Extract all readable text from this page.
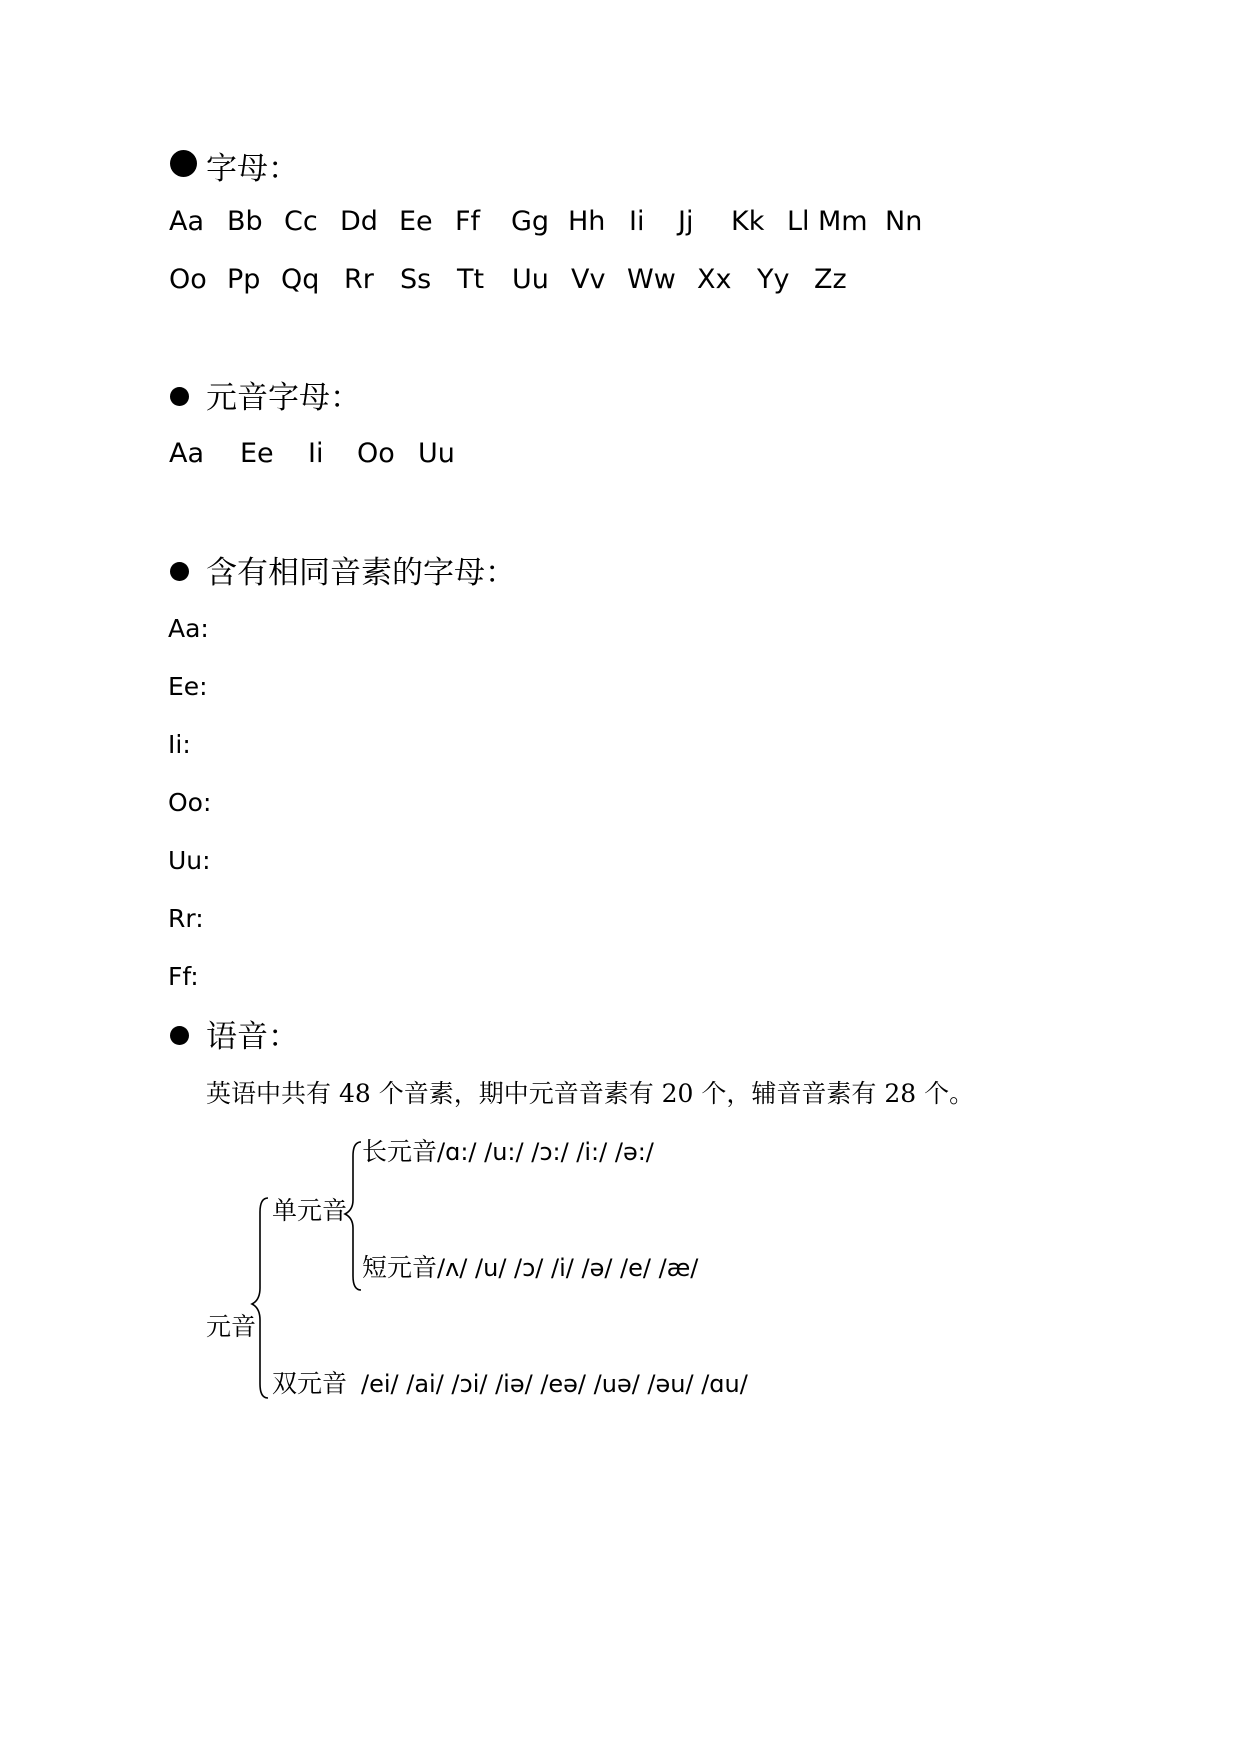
字母：
Aa Bb Cc Dd Ee Ff Gg Hh Ii Jj Kk Ll Mm Nn
Oo Pp Qq Rr Ss Tt Uu Vv Ww Xx Yy Zz
元音字母：
Aa Ee Ii Oo Uu
含有相同音素的字母：
Aa:
Ee:
Ii:
Oo:
Uu:
Rr:
Ff:
语音：
英语中共有 48 个音素，期中元音音素有 20 个，辅音音素有 28 个。
元音
单元音
长元音/ɑ:/ /u:/ /ɔ:/ /i:/ /ə:/
短元音/ʌ/ /u/ /ɔ/ /i/ /ə/ /e/ /æ/
双元音 /ei/ /ai/ /ɔi/ /iə/ /eə/ /uə/ /əu/ /ɑu/
